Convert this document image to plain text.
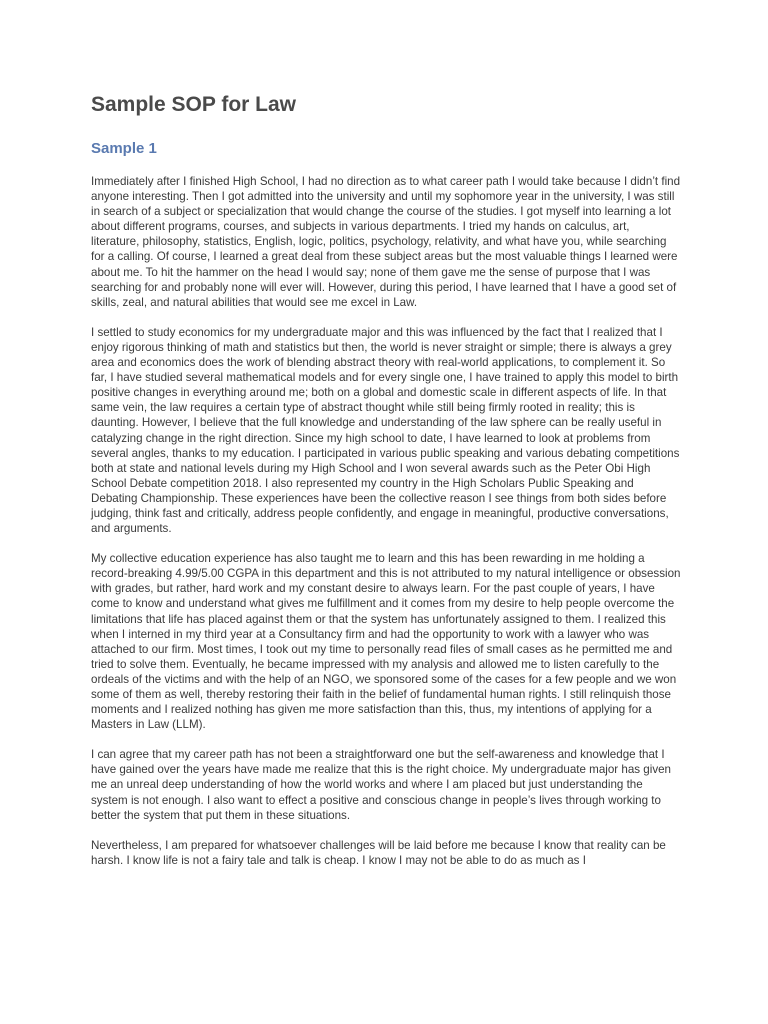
Sample SOP for Law
Sample 1

Immediately after I finished High School, I had no direction as to what career path I would take because I didn’t find anyone interesting. Then I got admitted into the university and until my sophomore year in the university, I was still in search of a subject or specialization that would change the course of the studies. I got myself into learning a lot about different programs, courses, and subjects in various departments. I tried my hands on calculus, art, literature, philosophy, statistics, English, logic, politics, psychology, relativity, and what have you, while searching for a calling. Of course, I learned a great deal from these subject areas but the most valuable things I learned were about me. To hit the hammer on the head I would say; none of them gave me the sense of purpose that I was searching for and probably none will ever will. However, during this period, I have learned that I have a good set of skills, zeal, and natural abilities that would see me excel in Law.

I settled to study economics for my undergraduate major and this was influenced by the fact that I realized that I enjoy rigorous thinking of math and statistics but then, the world is never straight or simple; there is always a grey area and economics does the work of blending abstract theory with real-world applications, to complement it. So far, I have studied several mathematical models and for every single one, I have trained to apply this model to birth positive changes in everything around me; both on a global and domestic scale in different aspects of life. In that same vein, the law requires a certain type of abstract thought while still being firmly rooted in reality; this is daunting. However, I believe that the full knowledge and understanding of the law sphere can be really useful in catalyzing change in the right direction. Since my high school to date, I have learned to look at problems from several angles, thanks to my education. I participated in various public speaking and various debating competitions both at state and national levels during my High School and I won several awards such as the Peter Obi High School Debate competition 2018. I also represented my country in the High Scholars Public Speaking and Debating Championship. These experiences have been the collective reason I see things from both sides before judging, think fast and critically, address people confidently, and engage in meaningful, productive conversations, and arguments.

My collective education experience has also taught me to learn and this has been rewarding in me holding a record-breaking 4.99/5.00 CGPA in this department and this is not attributed to my natural intelligence or obsession with grades, but rather, hard work and my constant desire to always learn. For the past couple of years, I have come to know and understand what gives me fulfillment and it comes from my desire to help people overcome the limitations that life has placed against them or that the system has unfortunately assigned to them. I realized this when I interned in my third year at a Consultancy firm and had the opportunity to work with a lawyer who was attached to our firm. Most times, I took out my time to personally read files of small cases as he permitted me and tried to solve them. Eventually, he became impressed with my analysis and allowed me to listen carefully to the ordeals of the victims and with the help of an NGO, we sponsored some of the cases for a few people and we won some of them as well, thereby restoring their faith in the belief of fundamental human rights. I still relinquish those moments and I realized nothing has given me more satisfaction than this, thus, my intentions of applying for a Masters in Law (LLM).

I can agree that my career path has not been a straightforward one but the self-awareness and knowledge that I have gained over the years have made me realize that this is the right choice. My undergraduate major has given me an unreal deep understanding of how the world works and where I am placed but just understanding the system is not enough. I also want to effect a positive and conscious change in people’s lives through working to better the system that put them in these situations.

Nevertheless, I am prepared for whatsoever challenges will be laid before me because I know that reality can be harsh. I know life is not a fairy tale and talk is cheap. I know I may not be able to do as much as I
